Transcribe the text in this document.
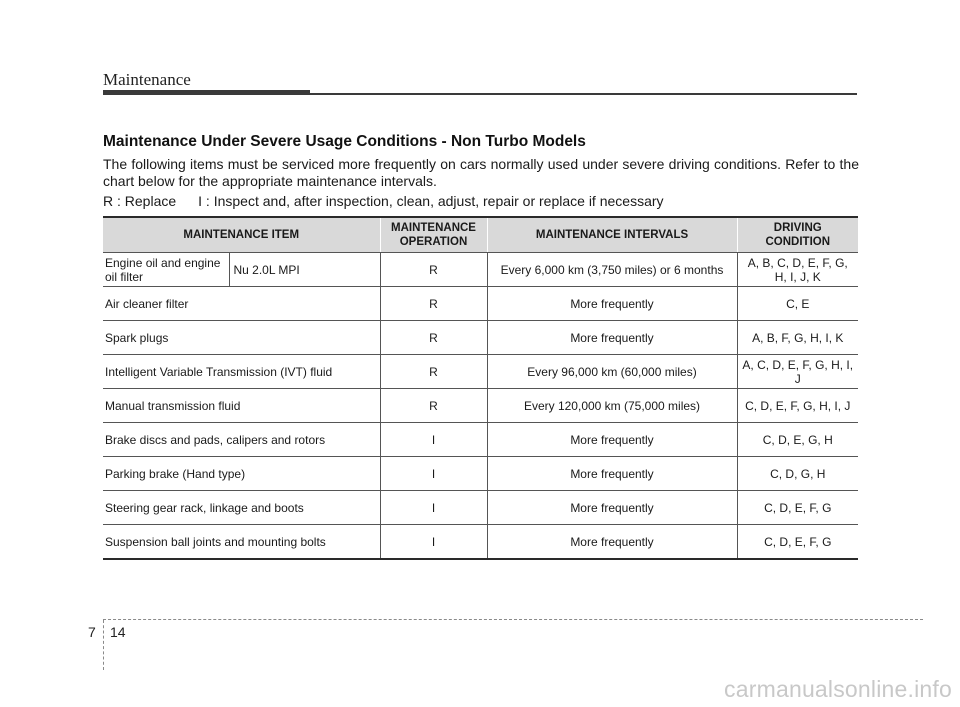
Maintenance
Maintenance Under Severe Usage Conditions - Non Turbo Models
The following items must be serviced more frequently on cars normally used under severe driving conditions. Refer to the chart below for the appropriate maintenance intervals.
R : Replace I : Inspect and, after inspection, clean, adjust, repair or replace if necessary
MAINTENANCE ITEM		MAINTENANCE OPERATION	MAINTENANCE INTERVALS	DRIVING CONDITION
Engine oil and engine oil filter	Nu 2.0L MPI	R	Every 6,000 km (3,750 miles) or 6 months	A, B, C, D, E, F, G, H, I, J, K
Air cleaner filter		R	More frequently	C, E
Spark plugs		R	More frequently	A, B, F, G, H, I, K
Intelligent Variable Transmission (IVT) fluid		R	Every 96,000 km (60,000 miles)	A, C, D, E, F, G, H, I, J
Manual transmission fluid		R	Every 120,000 km (75,000 miles)	C, D, E, F, G, H, I, J
Brake discs and pads, calipers and rotors		I	More frequently	C, D, E, G, H
Parking brake (Hand type)		I	More frequently	C, D, G, H
Steering gear rack, linkage and boots		I	More frequently	C, D, E, F, G
Suspension ball joints and mounting bolts		I	More frequently	C, D, E, F, G
7 14
carmanualsonline.info
